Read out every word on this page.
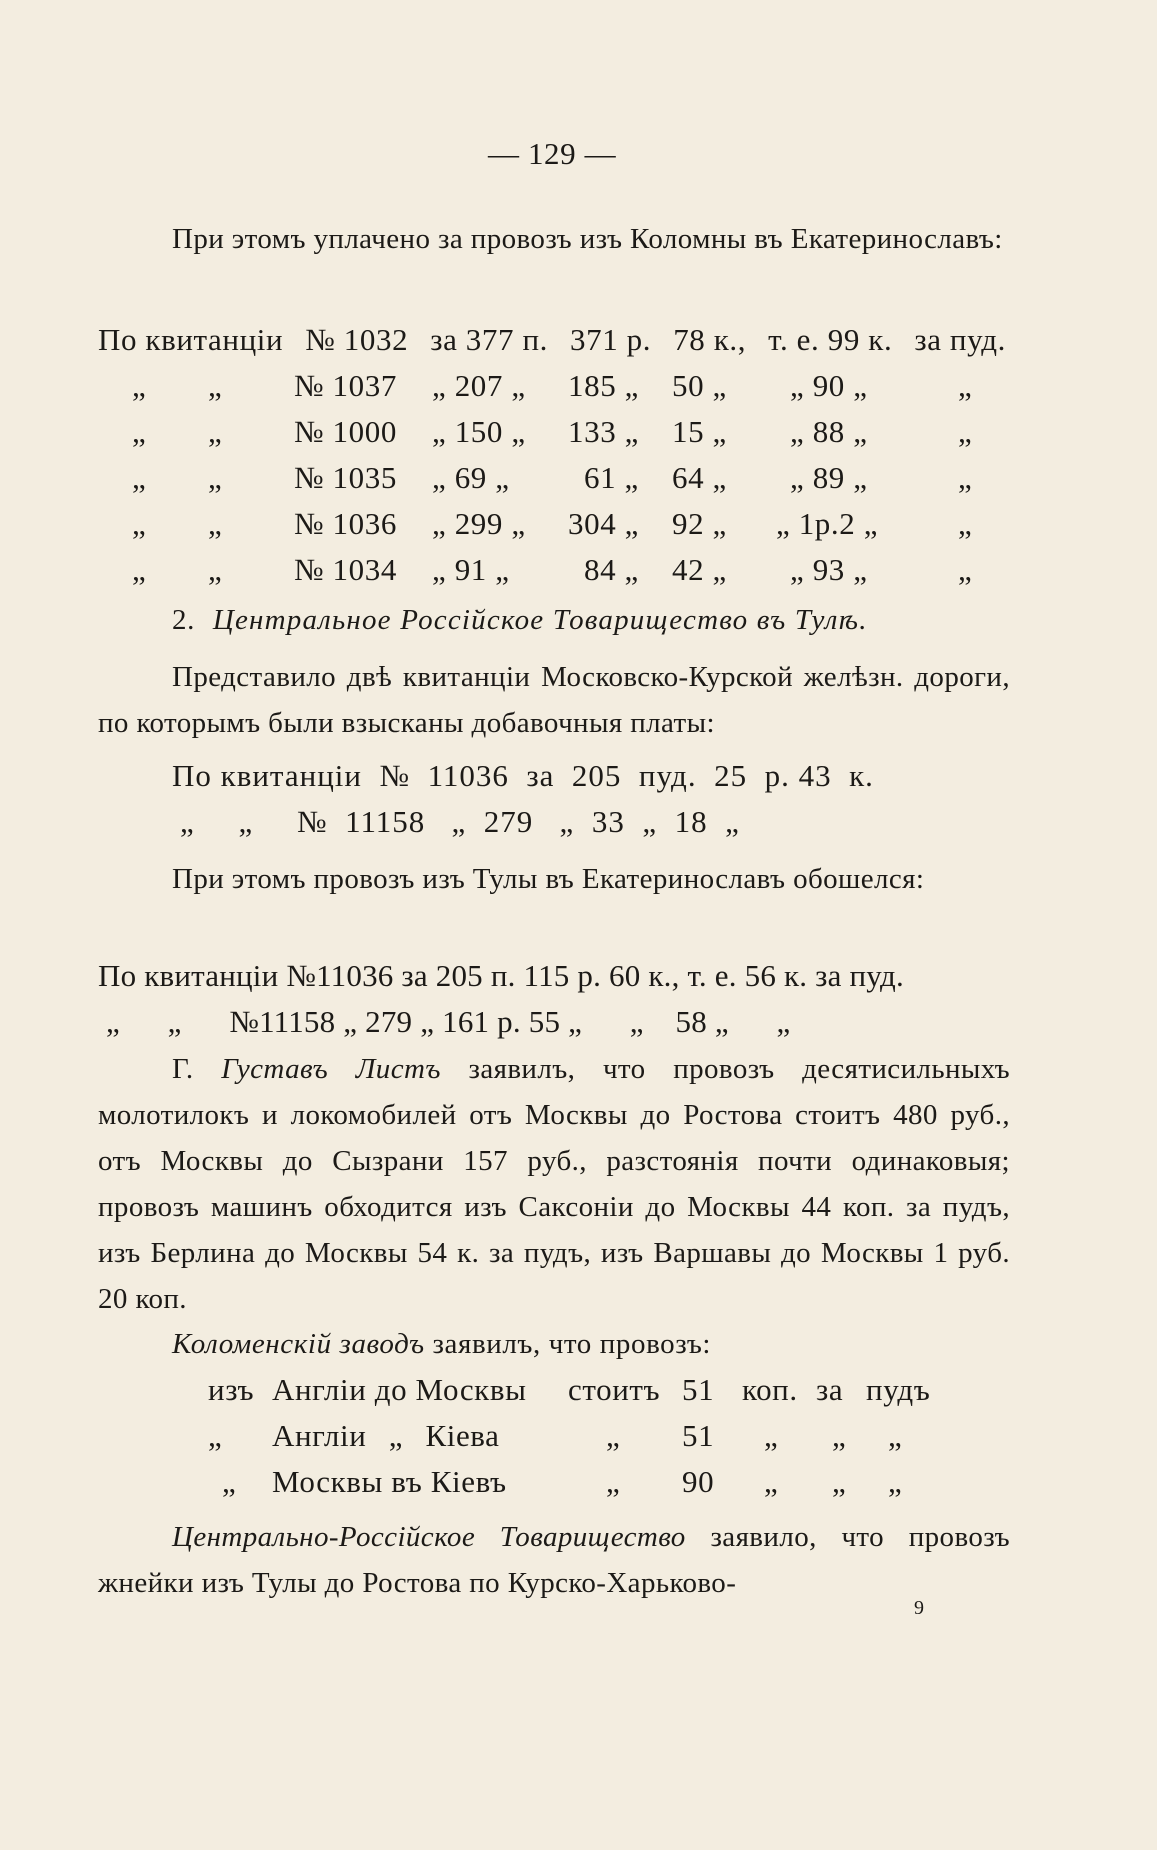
— 129 —
При этомъ уплачено за провозъ изъ Коломны въ Екатеринославъ:
По квитанціи № 1032 за 377 п. 371 р. 78 к., т. е. 99 к. за пуд.
„ „ № 1037 „ 207 „ 185 „ 50 „ „ 90 „	„
„ „ № 1000 „ 150 „ 133 „ 15 „ „ 88 „	„
„ „ № 1035 „ 69 „ 61 „ 64 „ „ 89 „	„
„ „ № 1036 „ 299 „ 304 „ 92 „ „ 1р.2 „	„
„ „ № 1034 „ 91 „ 84 „ 42 „ „ 93 „	„
2. Центральное Россійское Товарищество въ Тулѣ.
Представило двѣ квитанціи Московско-Курской желѣзн. дороги, по которымъ были взысканы добавочныя платы:
По квитанціи  №  11036  за  205  пуд.  25  р. 43  к.
„     „     №  11158   „  279   „  33  „  18  „
При этомъ провозъ изъ Тулы въ Екатеринославъ обошелся:
По квитанціи №11036 за 205 п. 115 р. 60 к., т. е. 56 к. за пуд.
„      „      №11158 „ 279 „ 161 р. 55 „      „    58 „      „
Г. Густавъ Листъ заявилъ, что провозъ десятисильныхъ молотилокъ и локомобилей отъ Москвы до Ростова стоитъ 480 руб., отъ Москвы до Сызрани 157 руб., разстоянія почти одинаковыя; провозъ машинъ обходится изъ Саксоніи до Москвы 44 коп. за пудъ, изъ Берлина до Москвы 54 к. за пудъ, изъ Варшавы до Москвы 1 руб. 20 коп.
Коломенскій заводъ заявилъ, что провозъ:
изъ Англіи до Москвы стоитъ 51 коп. за пудъ
„ Англіи „ Кіева	„ 51 „ „ „
„ Москвы въ Кіевъ	„ 90 „ „ „
Центрально-Россійское Товарищество заявило, что провозъ жнейки изъ Тулы до Ростова по Курско-Харьково-
9
